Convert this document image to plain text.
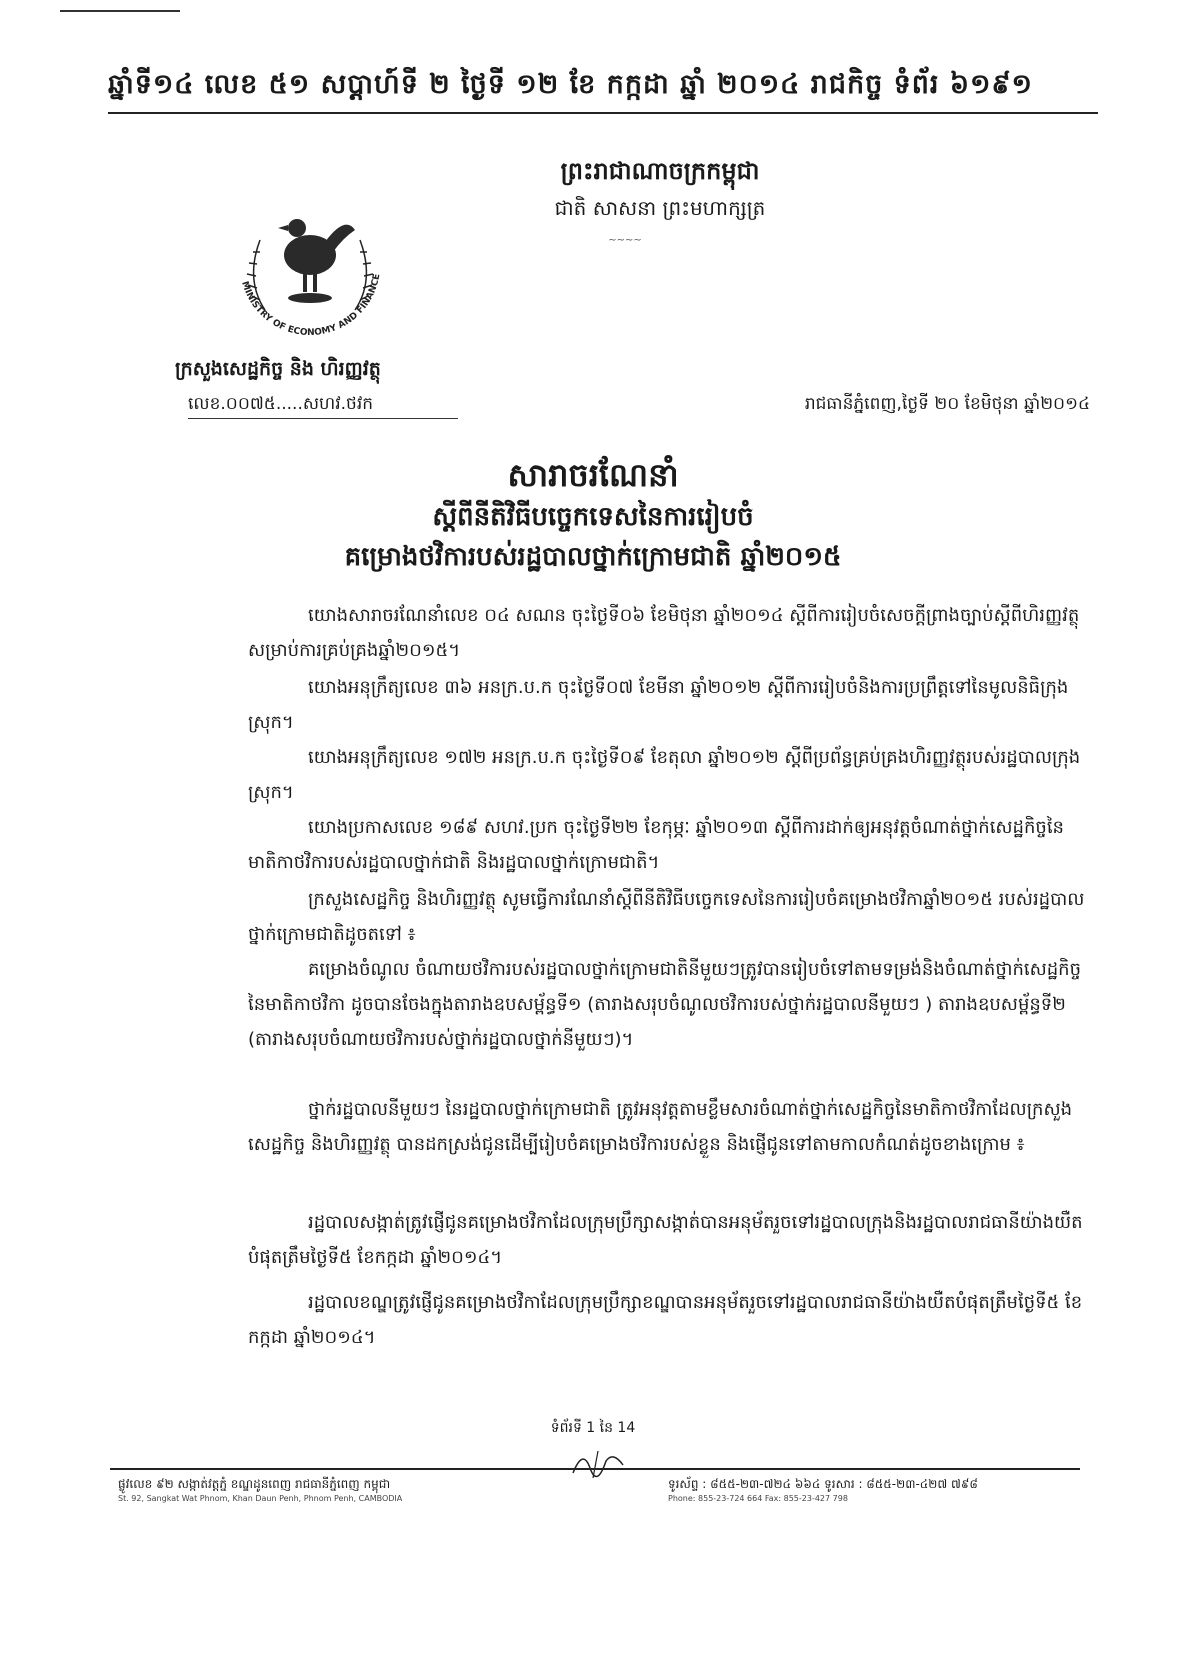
ឆ្នាំទី១៤ លេខ ៥១ សប្តាហ៍ទី ២ ថ្ងៃទី ១២ ខែ កក្កដា ឆ្នាំ ២០១៤ រាជកិច្ច ទំព័រ ៦១៩១
ព្រះរាជាណាចក្រកម្ពុជា
ជាតិ សាសនា ព្រះមហាក្សត្រ
~~~~
MINISTRY OF ECONOMY AND FINANCE
ក្រសួងសេដ្ឋកិច្ច និង ហិរញ្ញវត្ថុ
លេខ.០០៧៥.....សហវ.ថវក	រាជធានីភ្នំពេញ,ថ្ងៃទី ២០ ខែមិថុនា ឆ្នាំ២០១៤
សារាចរណែនាំ
ស្តីពីនីតិវិធីបច្ចេកទេសនៃការរៀបចំ
គម្រោងថវិការបស់រដ្ឋបាលថ្នាក់ក្រោមជាតិ ឆ្នាំ២០១៥
យោងសារាចរណែនាំលេខ ០៤ សណន ចុះថ្ងៃទី០៦ ខែមិថុនា ឆ្នាំ២០១៤ ស្តីពីការរៀបចំសេចក្តីព្រាងច្បាប់ស្តីពីហិរញ្ញវត្ថុ សម្រាប់ការគ្រប់គ្រងឆ្នាំ២០១៥។
យោងអនុក្រឹត្យលេខ ៣៦ អនក្រ.ប.ក ចុះថ្ងៃទី០៧ ខែមីនា ឆ្នាំ២០១២ ស្តីពីការរៀបចំនិងការប្រព្រឹត្តទៅនៃមូលនិធិក្រុង ស្រុក។
យោងអនុក្រឹត្យលេខ ១៧២ អនក្រ.ប.ក ចុះថ្ងៃទី០៩ ខែតុលា ឆ្នាំ២០១២ ស្តីពីប្រព័ន្ធគ្រប់គ្រងហិរញ្ញវត្ថុរបស់រដ្ឋបាលក្រុង ស្រុក។
យោងប្រកាសលេខ ១៨៩ សហវ.ប្រក ចុះថ្ងៃទី២២ ខែកុម្ភៈ ឆ្នាំ២០១៣ ស្តីពីការដាក់ឲ្យអនុវត្តចំណាត់ថ្នាក់សេដ្ឋកិច្ចនៃមាតិកាថវិការបស់រដ្ឋបាលថ្នាក់ជាតិ និងរដ្ឋបាលថ្នាក់ក្រោមជាតិ។
ក្រសួងសេដ្ឋកិច្ច និងហិរញ្ញវត្ថុ សូមធ្វើការណែនាំស្តីពីនីតិវិធីបច្ចេកទេសនៃការរៀបចំគម្រោងថវិកាឆ្នាំ២០១៥ របស់រដ្ឋបាលថ្នាក់ក្រោមជាតិដូចតទៅ ៖
គម្រោងចំណូល ចំណាយថវិការបស់រដ្ឋបាលថ្នាក់ក្រោមជាតិនីមួយៗត្រូវបានរៀបចំទៅតាមទម្រង់និងចំណាត់ថ្នាក់សេដ្ឋកិច្ចនៃមាតិកាថវិកា ដូចបានចែងក្នុងតារាងឧបសម្ព័ន្ធទី១ (តារាងសរុបចំណូលថវិការបស់ថ្នាក់រដ្ឋបាលនីមួយៗ ) តារាងឧបសម្ព័ន្ធទី២ (តារាងសរុបចំណាយថវិការបស់ថ្នាក់រដ្ឋបាលថ្នាក់នីមួយៗ)។
ថ្នាក់រដ្ឋបាលនីមួយៗ នៃរដ្ឋបាលថ្នាក់ក្រោមជាតិ ត្រូវអនុវត្តតាមខ្លឹមសារចំណាត់ថ្នាក់សេដ្ឋកិច្ចនៃមាតិកាថវិកាដែលក្រសួងសេដ្ឋកិច្ច និងហិរញ្ញវត្ថុ បានដកស្រង់ជូនដើម្បីរៀបចំគម្រោងថវិការបស់ខ្លួន និងផ្ញើជូនទៅតាមកាលកំណត់ដូចខាងក្រោម ៖
រដ្ឋបាលសង្កាត់ត្រូវផ្ញើជូនគម្រោងថវិកាដែលក្រុមប្រឹក្សាសង្កាត់បានអនុម័តរួចទៅរដ្ឋបាលក្រុងនិងរដ្ឋបាលរាជធានីយ៉ាងយឺតបំផុតត្រឹមថ្ងៃទី៥ ខែកក្កដា ឆ្នាំ២០១៤។
រដ្ឋបាលខណ្ឌត្រូវផ្ញើជូនគម្រោងថវិកាដែលក្រុមប្រឹក្សាខណ្ឌបានអនុម័តរួចទៅរដ្ឋបាលរាជធានីយ៉ាងយឺតបំផុតត្រឹមថ្ងៃទី៥ ខែកក្កដា ឆ្នាំ២០១៤។
ទំព័រទី 1 នៃ 14
ផ្លូវលេខ ៩២ សង្កាត់វត្តភ្នំ ខណ្ឌដូនពេញ រាជធានីភ្នំពេញ កម្ពុជា
St. 92, Sangkat Wat Phnom, Khan Daun Penh, Phnom Penh, CAMBODIA
ទូរស័ព្ទ : ៨៥៥-២៣-៧២៤ ៦៦៤ ទូរសារ : ៨៥៥-២៣-៤២៧ ៧៩៨
Phone: 855-23-724 664 Fax: 855-23-427 798
